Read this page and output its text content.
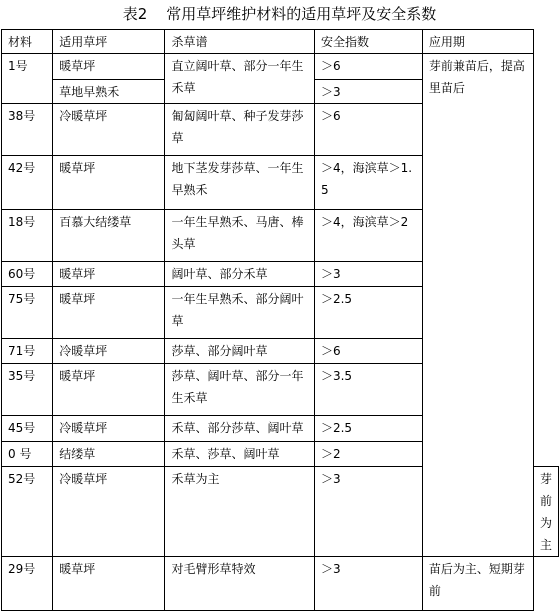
表2    常用草坪维护材料的适用草坪及安全系数
材料	适用草坪	杀草谱	安全指数	应用期	
1号	暖草坪	直立阔叶草、部分一年生禾草	＞6	芽前兼苗后，提高里苗后	
	草地早熟禾		＞3		
38号	冷暖草坪	匍匐阔叶草、种子发芽莎草	＞6		
42号	暖草坪	地下茎发芽莎草、一年生早熟禾	＞4，海滨草＞1.5		
18号	百慕大结缕草	一年生早熟禾、马唐、棒头草	＞4，海滨草＞2		
60号	暖草坪	阔叶草、部分禾草	＞3		
75号	暖草坪	一年生早熟禾、部分阔叶草	＞2.5		
71号	冷暖草坪	莎草、部分阔叶草	＞6		
35号	暖草坪	莎草、阔叶草、部分一年生禾草	＞3.5		
45号	冷暖草坪	禾草、部分莎草、阔叶草	＞2.5		
0 号	结缕草	禾草、莎草、阔叶草	＞2		
52号	冷暖草坪	禾草为主	＞3		芽前为主
29号	暖草坪	对毛臂形草特效	＞3	苗后为主、短期芽前	
